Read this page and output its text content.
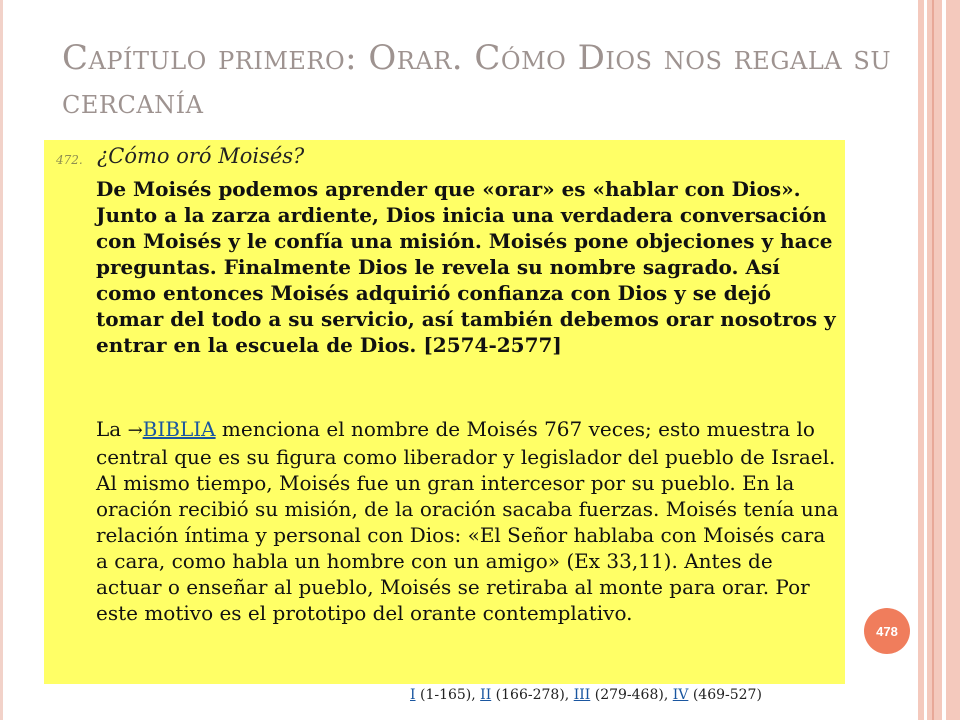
Capítulo primero: Orar. Cómo Dios nos regala su cercanía
472. ¿Cómo oró Moisés?
De Moisés podemos aprender que «orar» es «hablar con Dios». Junto a la zarza ardiente, Dios inicia una verdadera conversación con Moisés y le confía una misión. Moisés pone objeciones y hace preguntas. Finalmente Dios le revela su nombre sagrado. Así como entonces Moisés adquirió confianza con Dios y se dejó tomar del todo a su servicio, así también debemos orar nosotros y entrar en la escuela de Dios. [2574-2577]
La →BIBLIA menciona el nombre de Moisés 767 veces; esto muestra lo central que es su figura como liberador y legislador del pueblo de Israel. Al mismo tiempo, Moisés fue un gran intercesor por su pueblo. En la oración recibió su misión, de la oración sacaba fuerzas. Moisés tenía una relación íntima y personal con Dios: «El Señor hablaba con Moisés cara a cara, como habla un hombre con un amigo» (Ex 33,11). Antes de actuar o enseñar al pueblo, Moisés se retiraba al monte para orar. Por este motivo es el prototipo del orante contemplativo.
478
I (1-165), II (166-278), III (279-468), IV (469-527)
